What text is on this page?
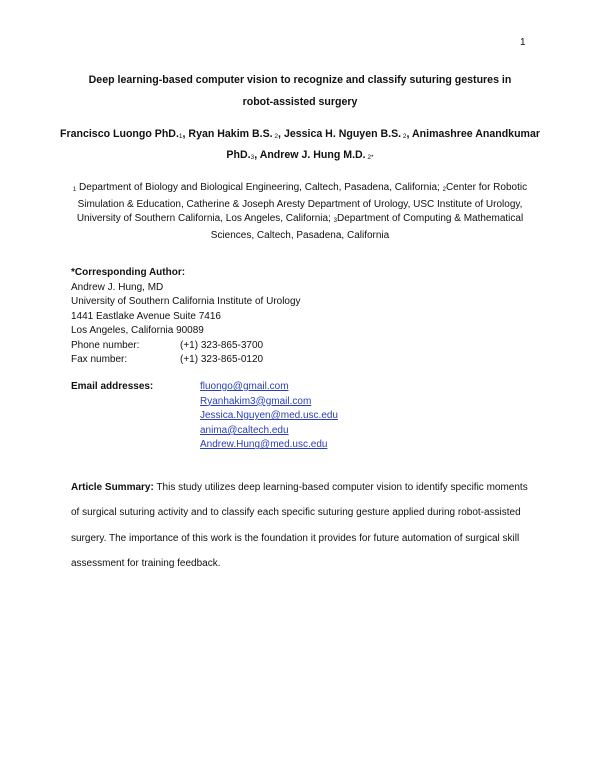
1
Deep learning-based computer vision to recognize and classify suturing gestures in
robot-assisted surgery
Francisco Luongo $PhD._1$, Ryan Hakim B.S. $_2$, Jessica H. Nguyen B.S. $_2$, Animashree Anandkumar $PhD._3$, Andrew J. Hung M.D. $_{2*}$
$_1$ Department of Biology and Biological Engineering, Caltech, Pasadena, California; $_2$Center for Robotic Simulation & Education, Catherine & Joseph Aresty Department of Urology, USC Institute of Urology, University of Southern California, Los Angeles, California; $_3$Department of Computing & Mathematical Sciences, Caltech, Pasadena, California
*Corresponding Author:
Andrew J. Hung, MD
University of Southern California Institute of Urology
1441 Eastlake Avenue Suite 7416
Los Angeles, California 90089
Phone number:	(+1) 323-865-3700
Fax number:	(+1) 323-865-0120
Email addresses:	fluongo@gmail.com
Ryanhakim3@gmail.com
Jessica.Nguyen@med.usc.edu
anima@caltech.edu
Andrew.Hung@med.usc.edu
Article Summary: This study utilizes deep learning-based computer vision to identify specific moments of surgical suturing activity and to classify each specific suturing gesture applied during robot-assisted surgery. The importance of this work is the foundation it provides for future automation of surgical skill assessment for training feedback.
